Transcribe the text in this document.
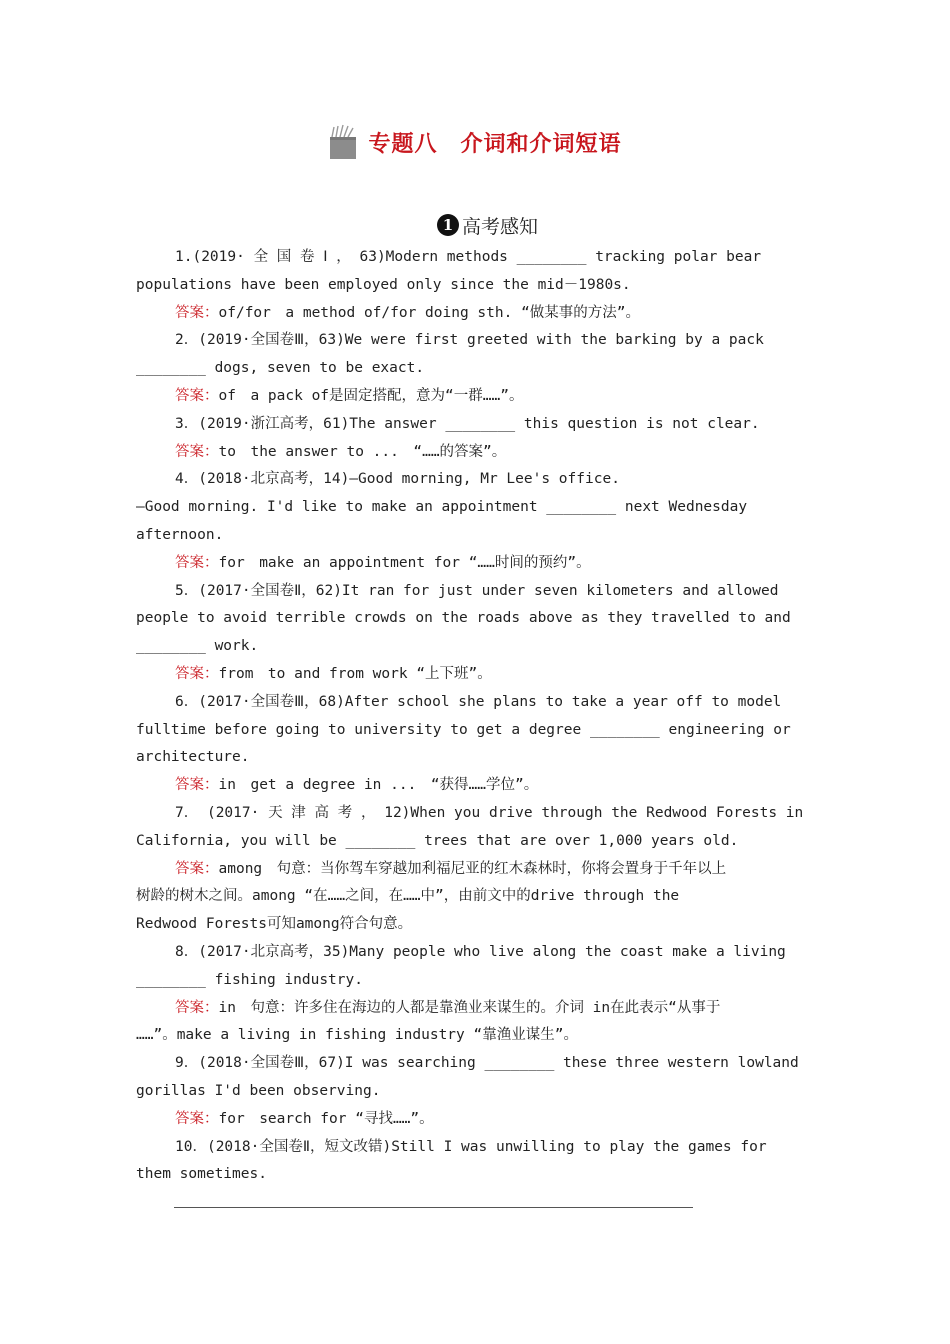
专题八　介词和介词短语
1 高考感知

1.(2019· 全 国 卷 Ⅰ ， 63)Modern methods ________ tracking polar bear

populations have been employed only since the mid－1980s.

答案：of/for　a method of/for doing sth. “做某事的方法”。

2．(2019·全国卷Ⅲ，63)We were first greeted with the barking by a pack

________ dogs, seven to be exact.

答案：of　a pack of是固定搭配，意为“一群……”。

3．(2019·浙江高考，61)The answer ________ this question is not clear.

答案：to　the answer to ...　“……的答案”。

4．(2018·北京高考，14)—Good morning, Mr Lee's office.

—Good morning. I'd like to make an appointment ________ next Wednesday

afternoon.

答案：for　make an appointment for “……时间的预约”。

5．(2017·全国卷Ⅱ，62)It ran for just under seven kilometers and allowed

people to avoid terrible crowds on the roads above as they travelled to and

________ work.

答案：from　to and from work “上下班”。

6．(2017·全国卷Ⅲ，68)After school she plans to take a year off to model

fulltime before going to university to get a degree ________ engineering or

architecture.

答案：in　get a degree in ...　“获得……学位”。

7． (2017· 天 津 高 考 ， 12)When you drive through the Redwood Forests in

California, you will be ________ trees that are over 1,000 years old.

答案：among　句意：当你驾车穿越加利福尼亚的红木森林时，你将会置身于千年以上

树龄的树木之间。among “在……之间，在……中”，由前文中的drive through the

Redwood Forests可知among符合句意。

8．(2017·北京高考，35)Many people who live along the coast make a living

________ fishing industry.

答案：in　句意：许多住在海边的人都是靠渔业来谋生的。介词 in在此表示“从事于

……”。make a living in fishing industry “靠渔业谋生”。

9．(2018·全国卷Ⅲ，67)I was searching ________ these three western lowland

gorillas I'd been observing.

答案：for　search for “寻找……”。

10．(2018·全国卷Ⅱ，短文改错)Still I was unwilling to play the games for

them sometimes.
